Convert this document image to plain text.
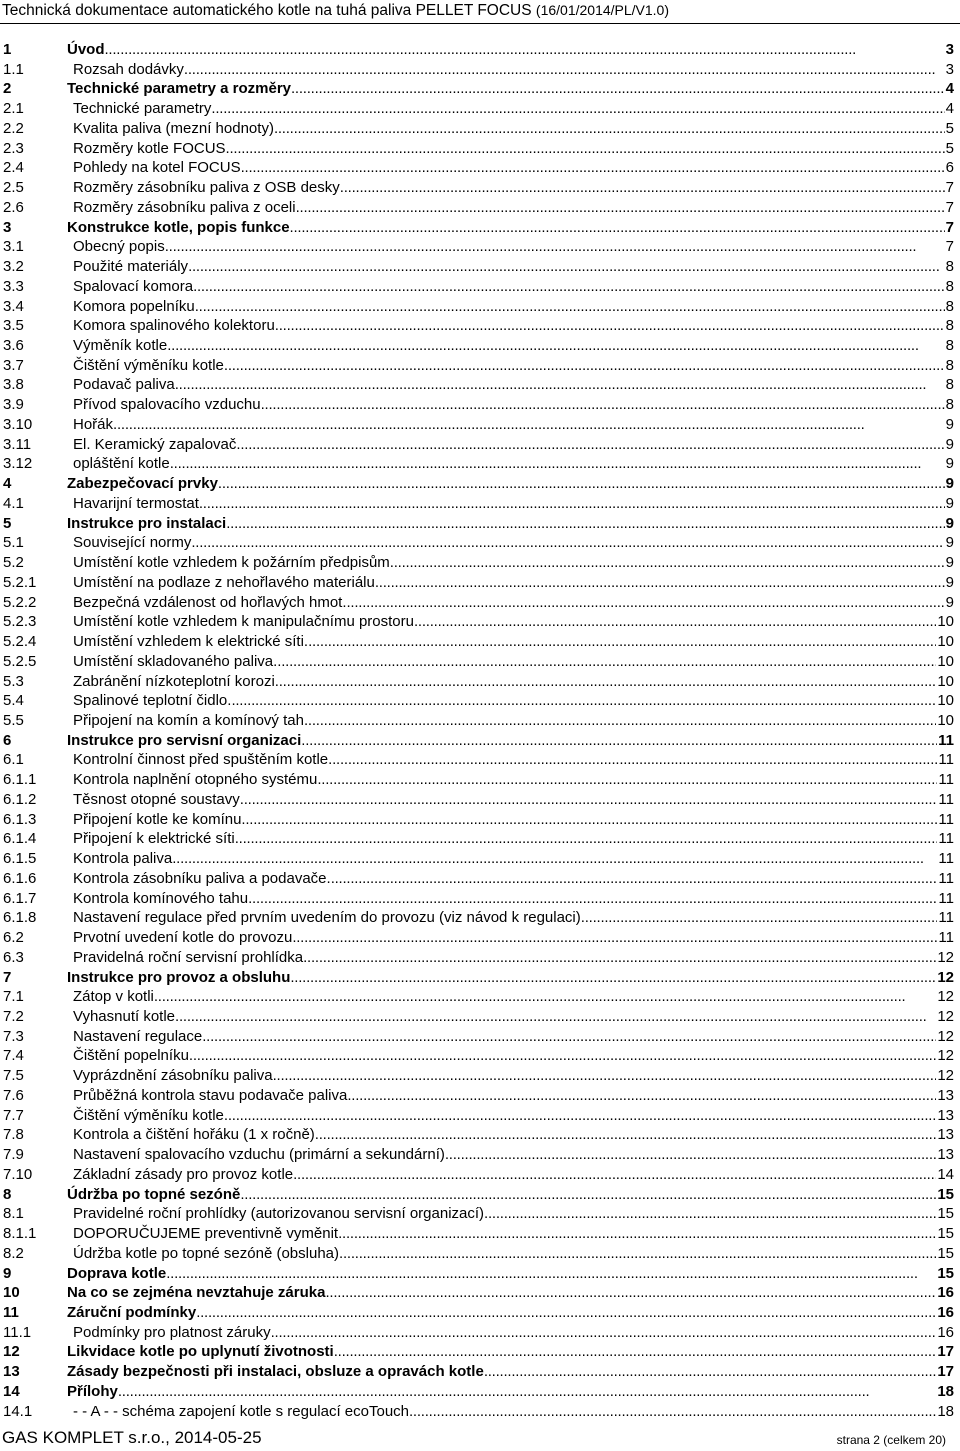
Technická dokumentace automatického kotle na tuhá paliva PELLET FOCUS (16/01/2014/PL/V1.0)
1	Úvod . . .	3
1.1	Rozsah dodávky . . .	3
2	Technické parametry a rozměry . . .	4
2.1	Technické parametry . . .	4
2.2	Kvalita paliva (mezní hodnoty) . . .	5
2.3	Rozměry kotle FOCUS . . .	5
2.4	Pohledy na kotel FOCUS . . .	6
2.5	Rozměry zásobníku paliva z OSB desky . . .	7
2.6	Rozměry zásobníku paliva z oceli . . .	7
3	Konstrukce kotle, popis funkce . . .	7
3.1	Obecný popis . . .	7
3.2	Použité materiály . . .	8
3.3	Spalovací komora . . .	8
3.4	Komora popelníku . . .	8
3.5	Komora spalinového kolektoru . . .	8
3.6	Výměník kotle . . .	8
3.7	Čištění výměníku kotle . . .	8
3.8	Podavač paliva . . .	8
3.9	Přívod spalovacího vzduchu . . .	8
3.10	Hořák . . .	9
3.11	El. Keramický zapalovač . . .	9
3.12	opláštění kotle . . .	9
4	Zabezpečovací prvky . . .	9
4.1	Havarijní termostat . . .	9
5	Instrukce pro instalaci . . .	9
5.1	Související normy . . .	9
5.2	Umístění kotle vzhledem k požárním předpisům . . .	9
5.2.1 Umístění na podlaze z nehořlavého materiálu . . .	9
5.2.2 Bezpečná vzdálenost od hořlavých hmot. . . .	9
5.2.3 Umístění kotle vzhledem k manipulačnímu prostoru . . .	10
5.2.4 Umístění vzhledem k elektrické síti. . . .	10
5.2.5 Umístění skladovaného paliva. . . .	10
5.3	Zabránění nízkoteplotní korozi . . .	10
5.4	Spalinové teplotní čidlo. . . .	10
5.5	Připojení na komín a komínový tah . . .	10
6	Instrukce pro servisní organizaci . . .	11
6.1	Kontrolní činnost před spuštěním kotle . . .	11
6.1.1 Kontrola naplnění otopného systému . . .	11
6.1.2 Těsnost otopné soustavy . . .	11
6.1.3 Připojení kotle ke komínu . . .	11
6.1.4 Připojení k elektrické síti . . .	11
6.1.5 Kontrola paliva . . .	11
6.1.6 Kontrola zásobníku paliva a podavače. . . .	11
6.1.7 Kontrola komínového tahu . . .	11
6.1.8 Nastavení regulace před prvním uvedením do provozu (viz návod k regulaci) . . .	11
6.2	Prvotní uvedení kotle do provozu . . .	11
6.3	Pravidelná roční servisní prohlídka . . .	12
7	Instrukce pro provoz a obsluhu . . .	12
7.1	Zátop v kotli . . .	12
7.2	Vyhasnutí kotle . . .	12
7.3	Nastavení regulace . . .	12
7.4	Čištění popelníku . . .	12
7.5	Vyprázdnění zásobníku paliva . . .	12
7.6	Průběžná kontrola stavu podavače paliva . . .	13
7.7	Čištění výměníku kotle . . .	13
7.8	Kontrola a čištění hořáku (1 x ročně) . . .	13
7.9	Nastavení spalovacího vzduchu (primární a sekundární) . . .	13
7.10	Základní zásady pro provoz kotle . . .	14
8	Údržba po topné sezóně . . .	15
8.1	Pravidelné roční prohlídky (autorizovanou servisní organizací) . . .	15
8.1.1 DOPORUČUJEME preventivně vyměnit . . .	15
8.2	Údržba kotle po topné sezóně (obsluha) . . .	15
9	Doprava kotle . . .	15
10	Na co se zejména nevztahuje záruka . . .	16
11	Záruční podmínky . . .	16
11.1	Podmínky pro platnost záruky . . .	16
12	Likvidace kotle po uplynutí životnosti . . .	17
13	Zásady bezpečnosti při instalaci, obsluze a opravách kotle . . .	17
14	Přílohy . . .	18
14.1	- - A - - schéma zapojení kotle s regulací ecoTouch . . .	18
GAS KOMPLET s.r.o., 2014-05-25	strana 2 (celkem 20)
